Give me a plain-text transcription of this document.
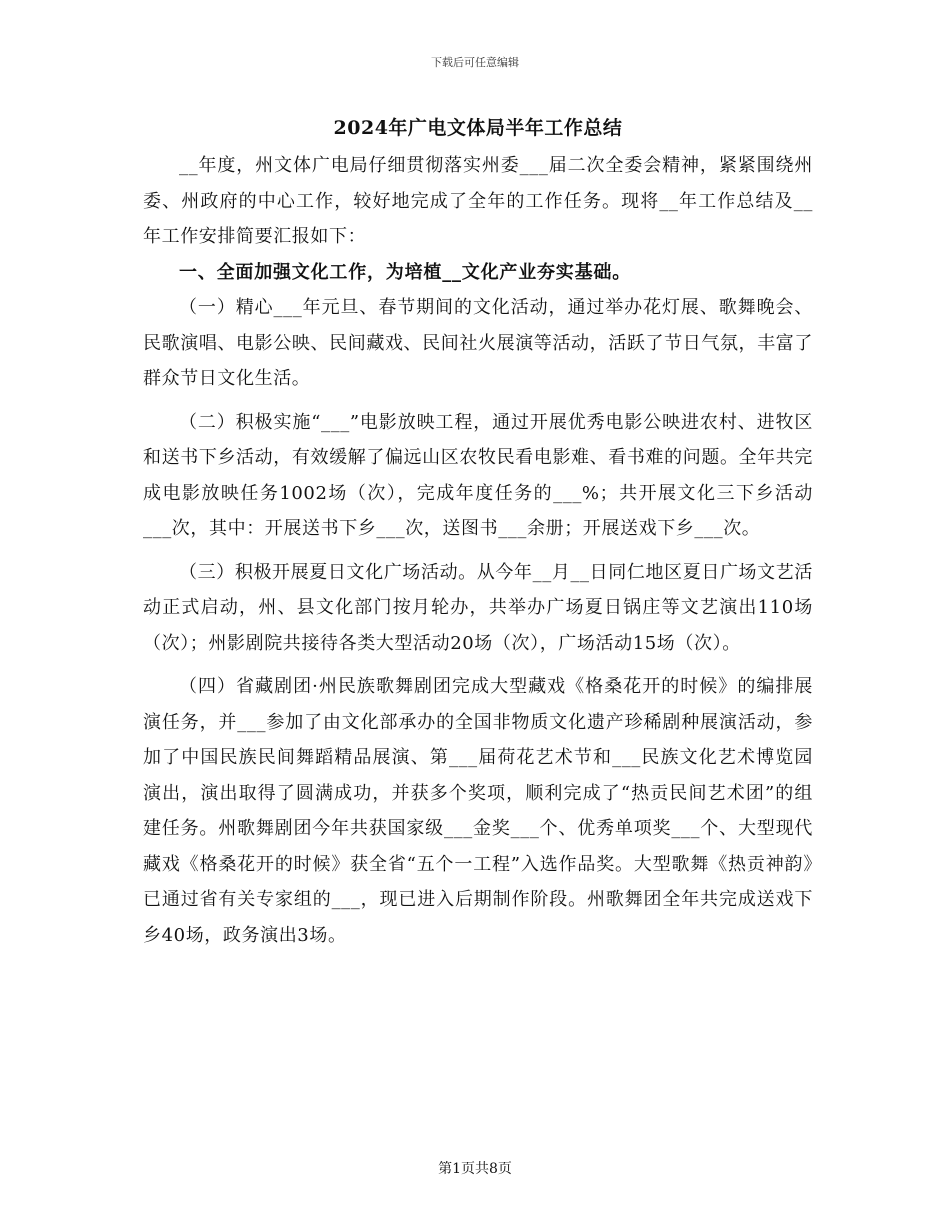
下载后可任意编辑
2024年广电文体局半年工作总结

__年度，州文体广电局仔细贯彻落实州委___届二次全委会精神，紧紧围绕州委、州政府的中心工作，较好地完成了全年的工作任务。现将__年工作总结及__年工作安排简要汇报如下：

一、全面加强文化工作，为培植__文化产业夯实基础。

（一）精心___年元旦、春节期间的文化活动，通过举办花灯展、歌舞晚会、民歌演唱、电影公映、民间藏戏、民间社火展演等活动，活跃了节日气氛，丰富了群众节日文化生活。

（二）积极实施“___”电影放映工程，通过开展优秀电影公映进农村、进牧区和送书下乡活动，有效缓解了偏远山区农牧民看电影难、看书难的问题。全年共完成电影放映任务1002场（次），完成年度任务的___%；共开展文化三下乡活动___次，其中：开展送书下乡___次，送图书___余册；开展送戏下乡___次。

（三）积极开展夏日文化广场活动。从今年__月__日同仁地区夏日广场文艺活动正式启动，州、县文化部门按月轮办，共举办广场夏日锅庄等文艺演出110场（次）；州影剧院共接待各类大型活动20场（次），广场活动15场（次）。

（四）省藏剧团·州民族歌舞剧团完成大型藏戏《格桑花开的时候》的编排展演任务，并___参加了由文化部承办的全国非物质文化遗产珍稀剧种展演活动，参加了中国民族民间舞蹈精品展演、第___届荷花艺术节和___民族文化艺术博览园演出，演出取得了圆满成功，并获多个奖项，顺利完成了“热贡民间艺术团”的组建任务。州歌舞剧团今年共获国家级___金奖___个、优秀单项奖___个、大型现代藏戏《格桑花开的时候》获全省“五个一工程”入选作品奖。大型歌舞《热贡神韵》已通过省有关专家组的___，现已进入后期制作阶段。州歌舞团全年共完成送戏下乡40场，政务演出3场。

第1页共8页
